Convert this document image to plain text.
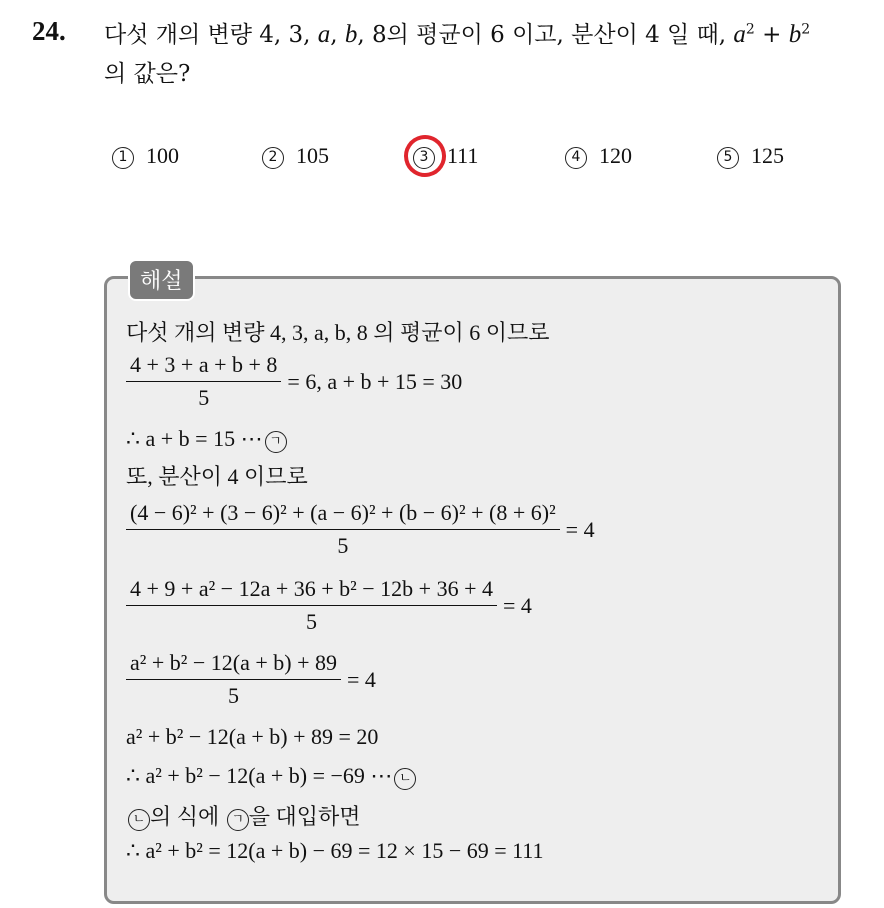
24. 다섯 개의 변량 4, 3, a, b, 8의 평균이 6 이고, 분산이 4 일 때, $a^2 + b^2$
의 값은?
1 100	2 105	3 111	4 120	5 125
해설
다섯 개의 변량 4, 3, a, b, 8 의 평균이 6 이므로
$\frac{4 + 3 + a + b + 8}{5} = 6$, a + b + 15 = 30
∴ a + b = 15 ⋯ ㄱ
또, 분산이 4 이므로
$\frac{\text{(4 − 6)² + (3 − 6)² + (a − 6)² + (b − 6)² + (8 + 6)²}}{5} = 4$
$\frac{\text{4 + 9 + a² − 12a + 36 + b² − 12b + 36 + 4}}{5} = 4$
$\frac{\text{a² + b² − 12(a + b) + 89}}{5} = 4$
a² + b² − 12(a + b) + 89 = 20
∴ a² + b² − 12(a + b) = −69 ⋯ ㄴ
ㄴ 의 식에 ㄱ 을 대입하면
∴ a² + b² = 12(a + b) − 69 = 12 × 15 − 69 = 111
